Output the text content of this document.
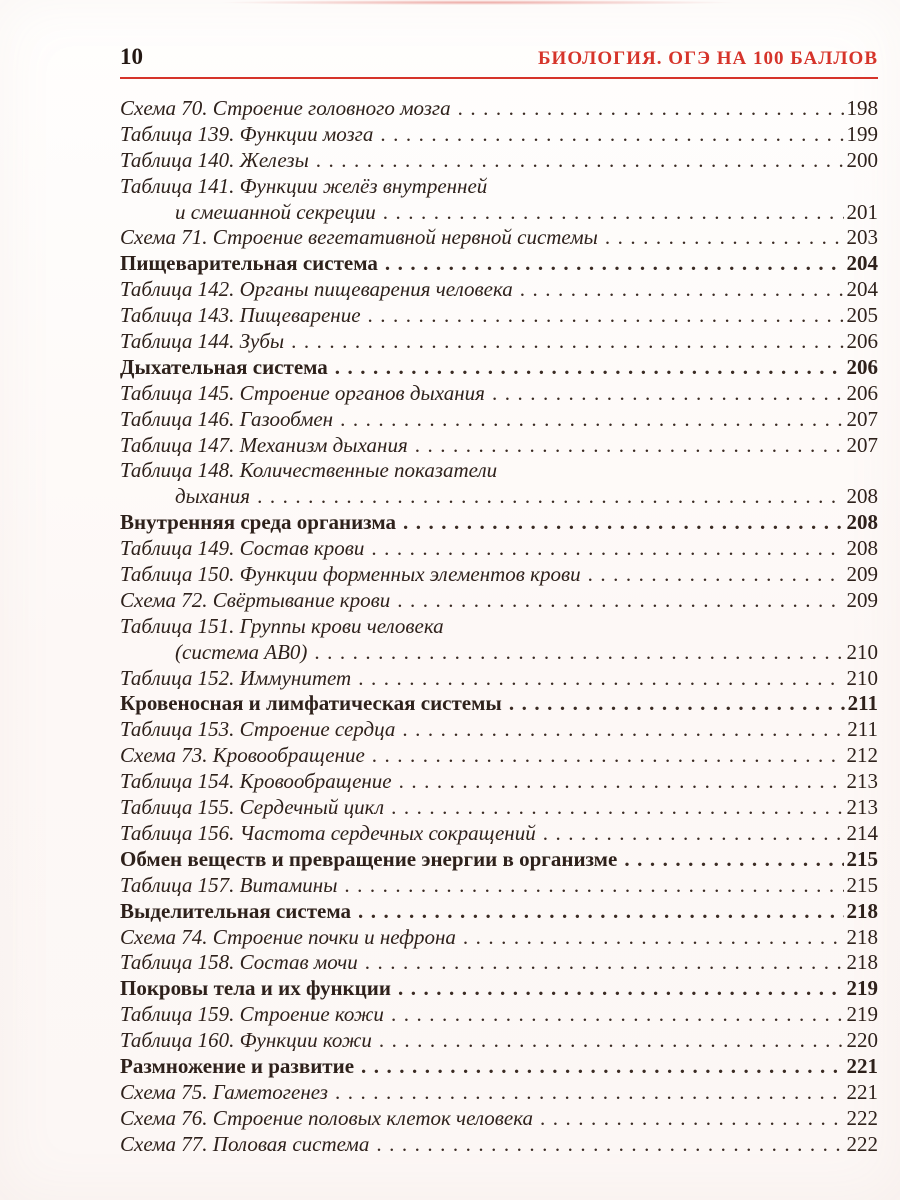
10	БИОЛОГИЯ. ОГЭ НА 100 БАЛЛОВ
Схема 70. Строение головного мозга .....	198
Таблица 139. Функции мозга .....	199
Таблица 140. Железы .....	200
Таблица 141. Функции желёз внутренней
и смешанной секреции .....	201
Схема 71. Строение вегетативной нервной системы .....	203
Пищеварительная система .....	204
Таблица 142. Органы пищеварения человека .....	204
Таблица 143. Пищеварение .....	205
Таблица 144. Зубы .....	206
Дыхательная система .....	206
Таблица 145. Строение органов дыхания .....	206
Таблица 146. Газообмен .....	207
Таблица 147. Механизм дыхания .....	207
Таблица 148. Количественные показатели
дыхания .....	208
Внутренняя среда организма .....	208
Таблица 149. Состав крови .....	208
Таблица 150. Функции форменных элементов крови .....	209
Схема 72. Свёртывание крови .....	209
Таблица 151. Группы крови человека
(система АВ0) .....	210
Таблица 152. Иммунитет .....	210
Кровеносная и лимфатическая системы .....	211
Таблица 153. Строение сердца .....	211
Схема 73. Кровообращение .....	212
Таблица 154. Кровообращение .....	213
Таблица 155. Сердечный цикл .....	213
Таблица 156. Частота сердечных сокращений .....	214
Обмен веществ и превращение энергии в организме .....	215
Таблица 157. Витамины .....	215
Выделительная система .....	218
Схема 74. Строение почки и нефрона .....	218
Таблица 158. Состав мочи .....	218
Покровы тела и их функции .....	219
Таблица 159. Строение кожи .....	219
Таблица 160. Функции кожи .....	220
Размножение и развитие .....	221
Схема 75. Гаметогенез .....	221
Схема 76. Строение половых клеток человека .....	222
Схема 77. Половая система .....	222
